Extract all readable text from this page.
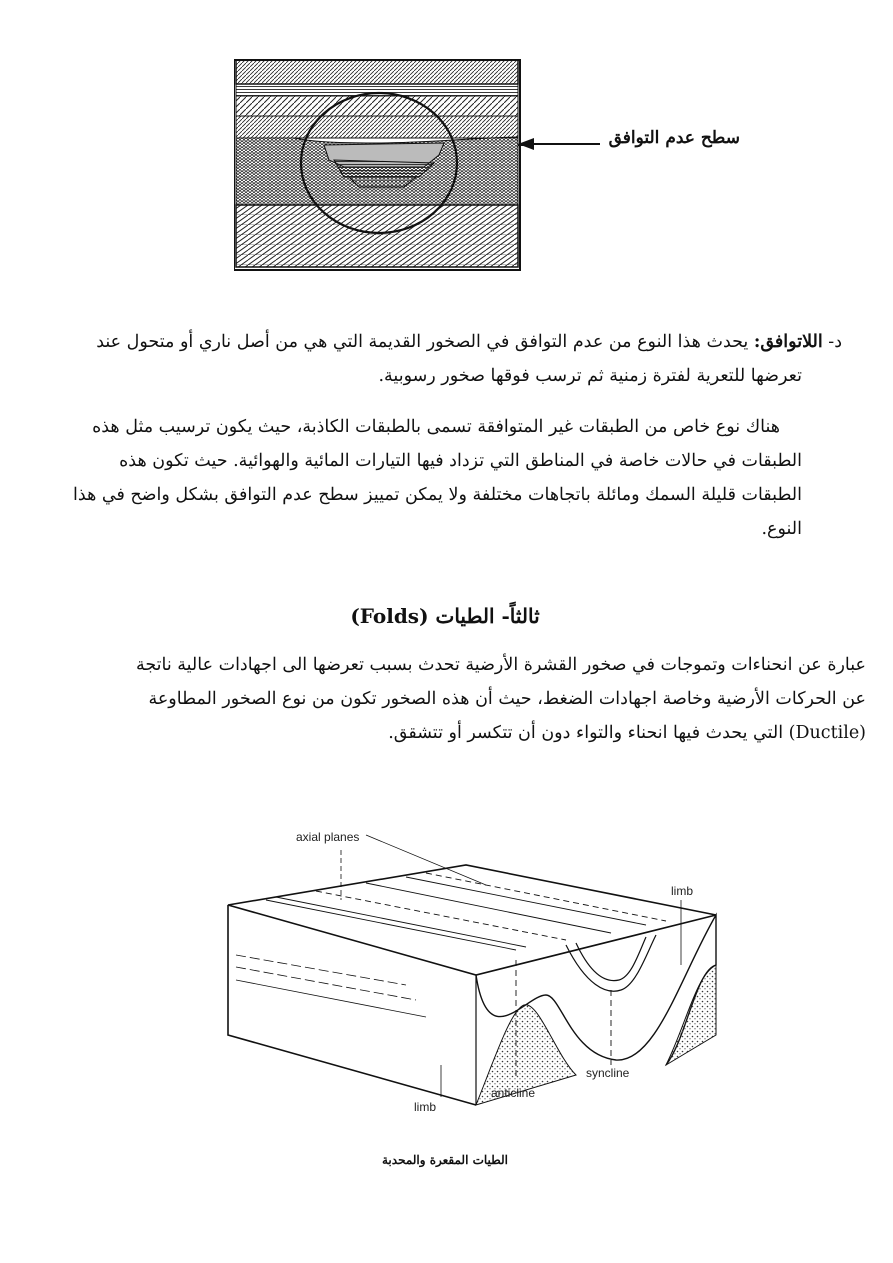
سطح عدم التوافق
د- اللاتوافق: يحدث هذا النوع من عدم التوافق في الصخور القديمة التي هي من أصل ناري أو متحول عند
تعرضها للتعرية لفترة زمنية ثم ترسب فوقها صخور رسوبية.
هناك نوع خاص من الطبقات غير المتوافقة تسمى بالطبقات الكاذبة، حيث يكون ترسيب مثل هذه
الطبقات في حالات خاصة في المناطق التي تزداد فيها التيارات المائية والهوائية. حيث تكون هذه
الطبقات قليلة السمك ومائلة باتجاهات مختلفة ولا يمكن تمييز سطح عدم التوافق بشكل واضح في هذا
النوع.
ثالثاً- الطيات (Folds)
عبارة عن انحناءات وتموجات في صخور القشرة الأرضية تحدث بسبب تعرضها الى اجهادات عالية ناتجة
عن الحركات الأرضية وخاصة اجهادات الضغط، حيث أن هذه الصخور تكون من نوع الصخور المطاوعة
(Ductile) التي يحدث فيها انحناء والتواء دون أن تتكسر أو تتشقق.
axial planes
limb
anticline
syncline
limb
الطيات المقعرة والمحدبة
